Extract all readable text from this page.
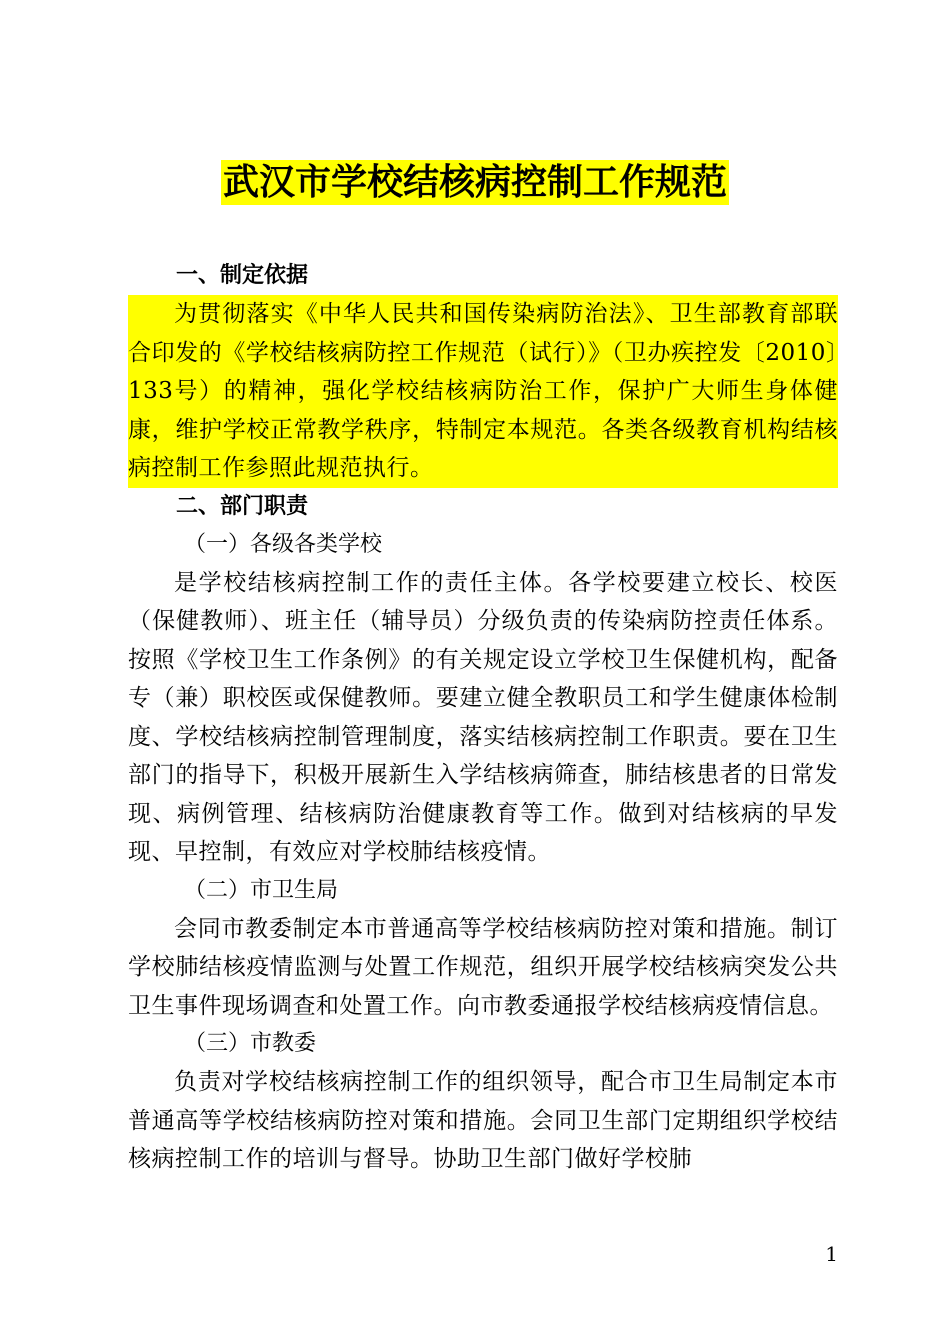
武汉市学校结核病控制工作规范

一、制定依据

为贯彻落实《中华人民共和国传染病防治法》、卫生部教育部联合印发的《学校结核病防控工作规范（试行）》（卫办疾控发〔2010〕133号）的精神，强化学校结核病防治工作，保护广大师生身体健康，维护学校正常教学秩序，特制定本规范。各类各级教育机构结核病控制工作参照此规范执行。

二、部门职责

（一）各级各类学校

是学校结核病控制工作的责任主体。各学校要建立校长、校医（保健教师）、班主任（辅导员）分级负责的传染病防控责任体系。按照《学校卫生工作条例》的有关规定设立学校卫生保健机构，配备专（兼）职校医或保健教师。要建立健全教职员工和学生健康体检制度、学校结核病控制管理制度，落实结核病控制工作职责。要在卫生部门的指导下，积极开展新生入学结核病筛查，肺结核患者的日常发现、病例管理、结核病防治健康教育等工作。做到对结核病的早发现、早控制，有效应对学校肺结核疫情。

（二）市卫生局

会同市教委制定本市普通高等学校结核病防控对策和措施。制订学校肺结核疫情监测与处置工作规范，组织开展学校结核病突发公共卫生事件现场调查和处置工作。向市教委通报学校结核病疫情信息。

（三）市教委

负责对学校结核病控制工作的组织领导，配合市卫生局制定本市普通高等学校结核病防控对策和措施。会同卫生部门定期组织学校结核病控制工作的培训与督导。协助卫生部门做好学校肺

1
